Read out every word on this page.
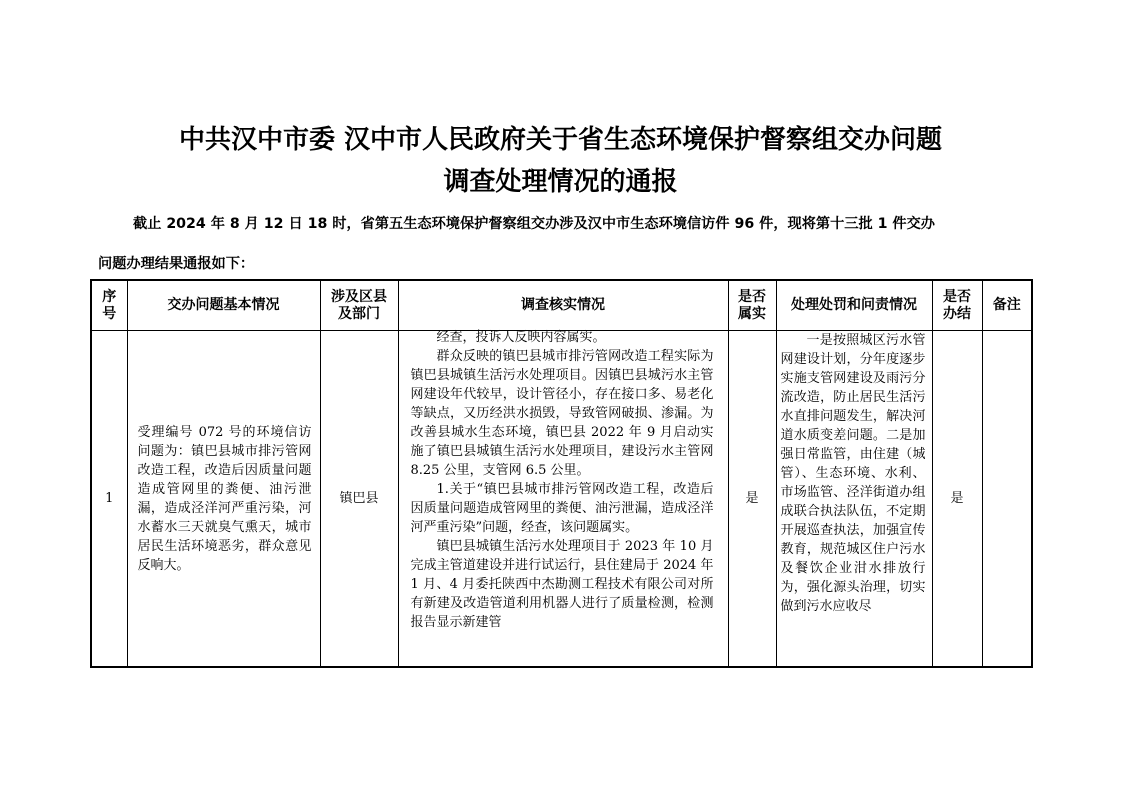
中共汉中市委 汉中市人民政府关于省生态环境保护督察组交办问题
调查处理情况的通报
截止 2024 年 8 月 12 日 18 时，省第五生态环境保护督察组交办涉及汉中市生态环境信访件 96 件，现将第十三批 1 件交办
问题办理结果通报如下：
序号	交办问题基本情况	涉及区县及部门	调查核实情况	是否属实	处理处罚和问责情况	是否办结	备注
1	受理编号 072 号的环境信访问题为：镇巴县城市排污管网改造工程，改造后因质量问题造成管网里的粪便、油污泄漏，造成泾洋河严重污染，河水蓄水三天就臭气熏天，城市居民生活环境恶劣，群众意见反响大。	镇巴县	经查，投诉人反映内容属实。

群众反映的镇巴县城市排污管网改造工程实际为镇巴县城镇生活污水处理项目。因镇巴县城污水主管网建设年代较早，设计管径小，存在接口多、易老化等缺点，又历经洪水损毁，导致管网破损、渗漏。为改善县城水生态环境，镇巴县 2022 年 9 月启动实施了镇巴县城镇生活污水处理项目，建设污水主管网 8.25 公里，支管网 6.5 公里。

1.关于“镇巴县城市排污管网改造工程，改造后因质量问题造成管网里的粪便、油污泄漏，造成泾洋河严重污染”问题，经查，该问题属实。

镇巴县城镇生活污水处理项目于 2023 年 10 月完成主管道建设并进行试运行，县住建局于 2024 年 1 月、4 月委托陕西中杰勘测工程技术有限公司对所有新建及改造管道利用机器人进行了质量检测，检测报告显示新建管	是	一是按照城区污水管网建设计划，分年度逐步实施支管网建设及雨污分流改造，防止居民生活污水直排问题发生，解决河道水质变差问题。二是加强日常监管，由住建（城管）、生态环境、水利、市场监管、泾洋街道办组成联合执法队伍，不定期开展巡查执法，加强宣传教育，规范城区住户污水及餐饮企业泔水排放行为，强化源头治理，切实做到污水应收尽	是	
